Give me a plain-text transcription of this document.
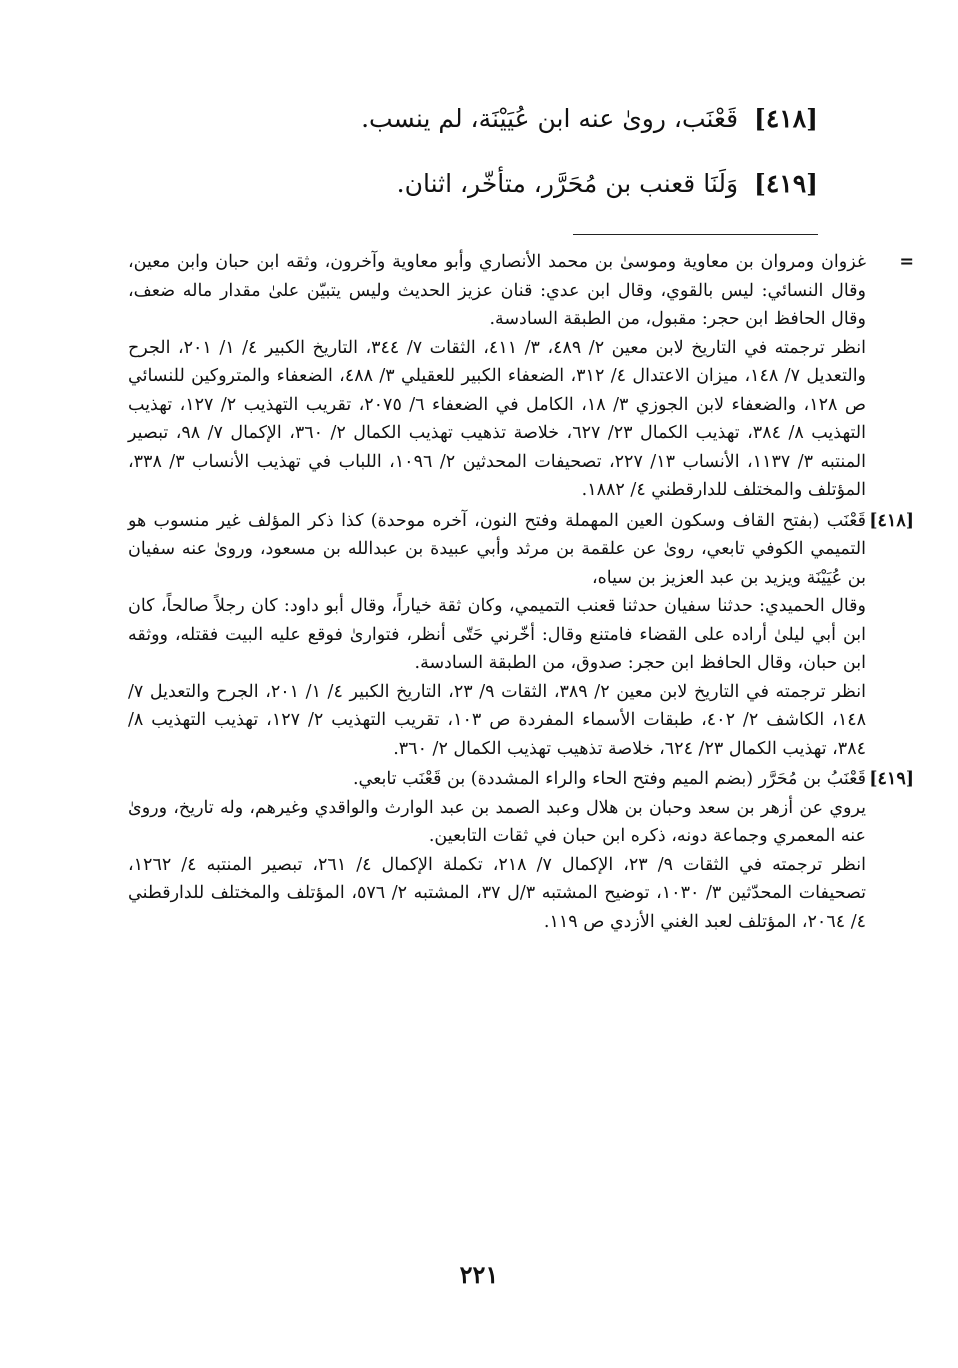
[٤١٨] قَعْنَب، روىٰ عنه ابن عُيَيْنَة، لم ينسب.
[٤١٩] وَلَنَا قعنب بن مُحَرَّر، متأخّر، اثنان.
=

غزوان ومروان بن معاوية وموسىٰ بن محمد الأنصاري وأبو معاوية وآخرون، وثقه ابن حبان وابن معين، وقال النسائي: ليس بالقوي، وقال ابن عدي: قنان عزيز الحديث وليس يتبيّن علىٰ مقدار ماله ضعف، وقال الحافظ ابن حجر: مقبول، من الطبقة السادسة.

انظر ترجمته في التاريخ لابن معين ٢/ ٤٨٩، ٣/ ٤١١، الثقات ٧/ ٣٤٤، التاريخ الكبير ٤/ ١/ ٢٠١، الجرح والتعديل ٧/ ١٤٨، ميزان الاعتدال ٤/ ٣١٢، الضعفاء الكبير للعقيلي ٣/ ٤٨٨، الضعفاء والمتروكين للنسائي ص ١٢٨، والضعفاء لابن الجوزي ٣/ ١٨، الكامل في الضعفاء ٦/ ٢٠٧٥، تقريب التهذيب ٢/ ١٢٧، تهذيب التهذيب ٨/ ٣٨٤، تهذيب الكمال ٢٣/ ٦٢٧، خلاصة تذهيب تهذيب الكمال ٢/ ٣٦٠، الإكمال ٧/ ٩٨، تبصير المنتبه ٣/ ١١٣٧، الأنساب ١٣/ ٢٢٧، تصحيفات المحدثين ٢/ ١٠٩٦، اللباب في تهذيب الأنساب ٣/ ٣٣٨، المؤتلف والمختلف للدارقطني ٤/ ١٨٨٢.

[٤١٨]

قَعْنَب (بفتح القاف وسكون العين المهملة وفتح النون، آخره موحدة) كذا ذكر المؤلف غير منسوب هو التميمي الكوفي تابعي، روىٰ عن علقمة بن مرثد وأبي عبيدة بن عبدالله بن مسعود، وروىٰ عنه سفيان بن عُيَيْنَة ويزيد بن عبد العزيز بن سياه،

وقال الحميدي: حدثنا سفيان حدثنا قعنب التميمي، وكان ثقة خياراً، وقال أبو داود: كان رجلاً صالحاً، كان ابن أبي ليلىٰ أراده على القضاء فامتنع وقال: أخّرني حَتّى أنظر، فتوارىٰ فوقع عليه البيت فقتله، ووثقه ابن حبان، وقال الحافظ ابن حجر: صدوق، من الطبقة السادسة.

انظر ترجمته في التاريخ لابن معين ٢/ ٣٨٩، الثقات ٩/ ٢٣، التاريخ الكبير ٤/ ١/ ٢٠١، الجرح والتعديل ٧/ ١٤٨، الكاشف ٢/ ٤٠٢، طبقات الأسماء المفردة ص ١٠٣، تقريب التهذيب ٢/ ١٢٧، تهذيب التهذيب ٨/ ٣٨٤، تهذيب الكمال ٢٣/ ٦٢٤، خلاصة تذهيب تهذيب الكمال ٢/ ٣٦٠.

[٤١٩]

قَعْنَبُ بن مُحَرَّر (بضم الميم وفتح الحاء والراء المشددة) بن قَعْنَب تابعي.

يروي عن أزهر بن سعد وحبان بن هلال وعبد الصمد بن عبد الوارث والواقدي وغيرهم، وله تاريخ، وروىٰ عنه المعمري وجماعة دونه، ذكره ابن حبان في ثقات التابعين.

انظر ترجمته في الثقات ٩/ ٢٣، الإكمال ٧/ ٢١٨، تكملة الإكمال ٤/ ٢٦١، تبصير المنتبه ٤/ ١٢٦٢، تصحيفات المحدّثين ٣/ ١٠٣٠، توضيح المشتبه ٣/ل ٣٧، المشتبه ٢/ ٥٧٦، المؤتلف والمختلف للدارقطني ٤/ ٢٠٦٤، المؤتلف لعبد الغني الأزدي ص ١١٩.

٢٢١
